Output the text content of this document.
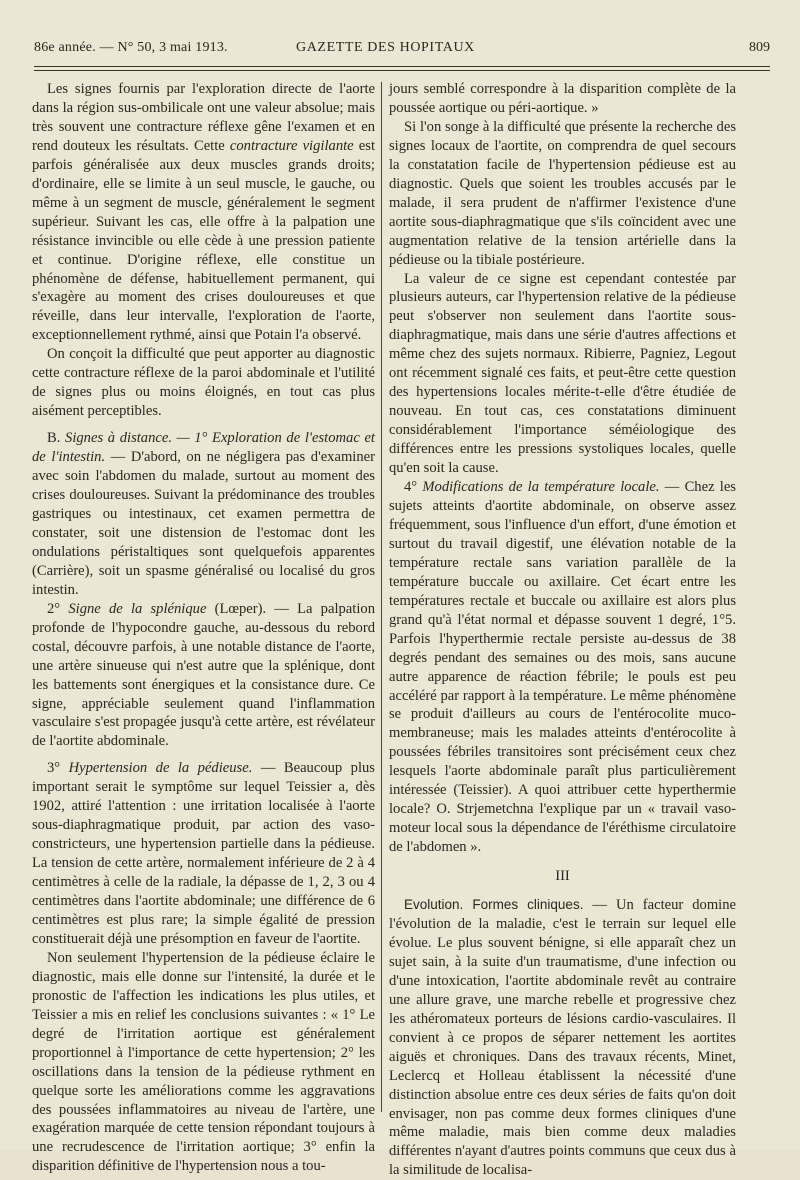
86e année. — N° 50, 3 mai 1913.	GAZETTE DES HOPITAUX	809

Les signes fournis par l'exploration directe de l'aorte dans la région sus-ombilicale ont une valeur absolue; mais très souvent une contracture réflexe gêne l'examen et en rend douteux les résultats. Cette contracture vigilante est parfois généralisée aux deux muscles grands droits; d'ordinaire, elle se limite à un seul muscle, le gauche, ou même à un segment de muscle, généralement le segment supérieur. Suivant les cas, elle offre à la palpation une résistance invincible ou elle cède à une pression patiente et continue. D'origine réflexe, elle constitue un phénomène de défense, habituellement permanent, qui s'exagère au moment des crises douloureuses et que réveille, dans leur intervalle, l'exploration de l'aorte, exceptionnellement rythmé, ainsi que Potain l'a observé.

On conçoit la difficulté que peut apporter au diagnostic cette contracture réflexe de la paroi abdominale et l'utilité de signes plus ou moins éloignés, en tout cas plus aisément perceptibles.

B. Signes à distance. — 1° Exploration de l'estomac et de l'intestin. — D'abord, on ne négligera pas d'examiner avec soin l'abdomen du malade, surtout au moment des crises douloureuses. Suivant la prédominance des troubles gastriques ou intestinaux, cet examen permettra de constater, soit une distension de l'estomac dont les ondulations péristaltiques sont quelquefois apparentes (Carrière), soit un spasme généralisé ou localisé du gros intestin.

2° Signe de la splénique (Lœper). — La palpation profonde de l'hypocondre gauche, au-dessous du rebord costal, découvre parfois, à une notable distance de l'aorte, une artère sinueuse qui n'est autre que la splénique, dont les battements sont énergiques et la consistance dure. Ce signe, appréciable seulement quand l'inflammation vasculaire s'est propagée jusqu'à cette artère, est révélateur de l'aortite abdominale.

3° Hypertension de la pédieuse. — Beaucoup plus important serait le symptôme sur lequel Teissier a, dès 1902, attiré l'attention : une irritation localisée à l'aorte sous-diaphragmatique produit, par action des vaso-constricteurs, une hypertension partielle dans la pédieuse. La tension de cette artère, normalement inférieure de 2 à 4 centimètres à celle de la radiale, la dépasse de 1, 2, 3 ou 4 centimètres dans l'aortite abdominale; une différence de 6 centimètres est plus rare; la simple égalité de pression constituerait déjà une présomption en faveur de l'aortite.

Non seulement l'hypertension de la pédieuse éclaire le diagnostic, mais elle donne sur l'intensité, la durée et le pronostic de l'affection les indications les plus utiles, et Teissier a mis en relief les conclusions suivantes : « 1° Le degré de l'irritation aortique est généralement proportionnel à l'importance de cette hypertension; 2° les oscillations dans la tension de la pédieuse rythment en quelque sorte les améliorations comme les aggravations des poussées inflammatoires au niveau de l'artère, une exagération marquée de cette tension répondant toujours à une recrudescence de l'irritation aortique; 3° enfin la disparition définitive de l'hypertension nous a tou-

jours semblé correspondre à la disparition complète de la poussée aortique ou péri-aortique. »

Si l'on songe à la difficulté que présente la recherche des signes locaux de l'aortite, on comprendra de quel secours la constatation facile de l'hypertension pédieuse est au diagnostic. Quels que soient les troubles accusés par le malade, il sera prudent de n'affirmer l'existence d'une aortite sous-diaphragmatique que s'ils coïncident avec une augmentation relative de la tension artérielle dans la pédieuse ou la tibiale postérieure.

La valeur de ce signe est cependant contestée par plusieurs auteurs, car l'hypertension relative de la pédieuse peut s'observer non seulement dans l'aortite sous-diaphragmatique, mais dans une série d'autres affections et même chez des sujets normaux. Ribierre, Pagniez, Legout ont récemment signalé ces faits, et peut-être cette question des hypertensions locales mérite-t-elle d'être étudiée de nouveau. En tout cas, ces constatations diminuent considérablement l'importance séméiologique des différences entre les pressions systoliques locales, quelle qu'en soit la cause.

4° Modifications de la température locale. — Chez les sujets atteints d'aortite abdominale, on observe assez fréquemment, sous l'influence d'un effort, d'une émotion et surtout du travail digestif, une élévation notable de la température rectale sans variation parallèle de la température buccale ou axillaire. Cet écart entre les températures rectale et buccale ou axillaire est alors plus grand qu'à l'état normal et dépasse souvent 1 degré, 1°5. Parfois l'hyperthermie rectale persiste au-dessus de 38 degrés pendant des semaines ou des mois, sans aucune autre apparence de réaction fébrile; le pouls est peu accéléré par rapport à la température. Le même phénomène se produit d'ailleurs au cours de l'entérocolite muco-membraneuse; mais les malades atteints d'entérocolite à poussées fébriles transitoires sont précisément ceux chez lesquels l'aorte abdominale paraît plus particulièrement intéressée (Teissier). A quoi attribuer cette hyperthermie locale? O. Strjemetchna l'explique par un « travail vaso-moteur local sous la dépendance de l'éréthisme circulatoire de l'abdomen ».

III

Evolution. Formes cliniques. — Un facteur domine l'évolution de la maladie, c'est le terrain sur lequel elle évolue. Le plus souvent bénigne, si elle apparaît chez un sujet sain, à la suite d'un traumatisme, d'une infection ou d'une intoxication, l'aortite abdominale revêt au contraire une allure grave, une marche rebelle et progressive chez les athéromateux porteurs de lésions cardio-vasculaires. Il convient à ce propos de séparer nettement les aortites aiguës et chroniques. Dans des travaux récents, Minet, Leclercq et Holleau établissent la nécessité d'une distinction absolue entre ces deux séries de faits qu'on doit envisager, non pas comme deux formes cliniques d'une même maladie, mais bien comme deux maladies différentes n'ayant d'autres points communs que ceux dus à la similitude de localisa-
